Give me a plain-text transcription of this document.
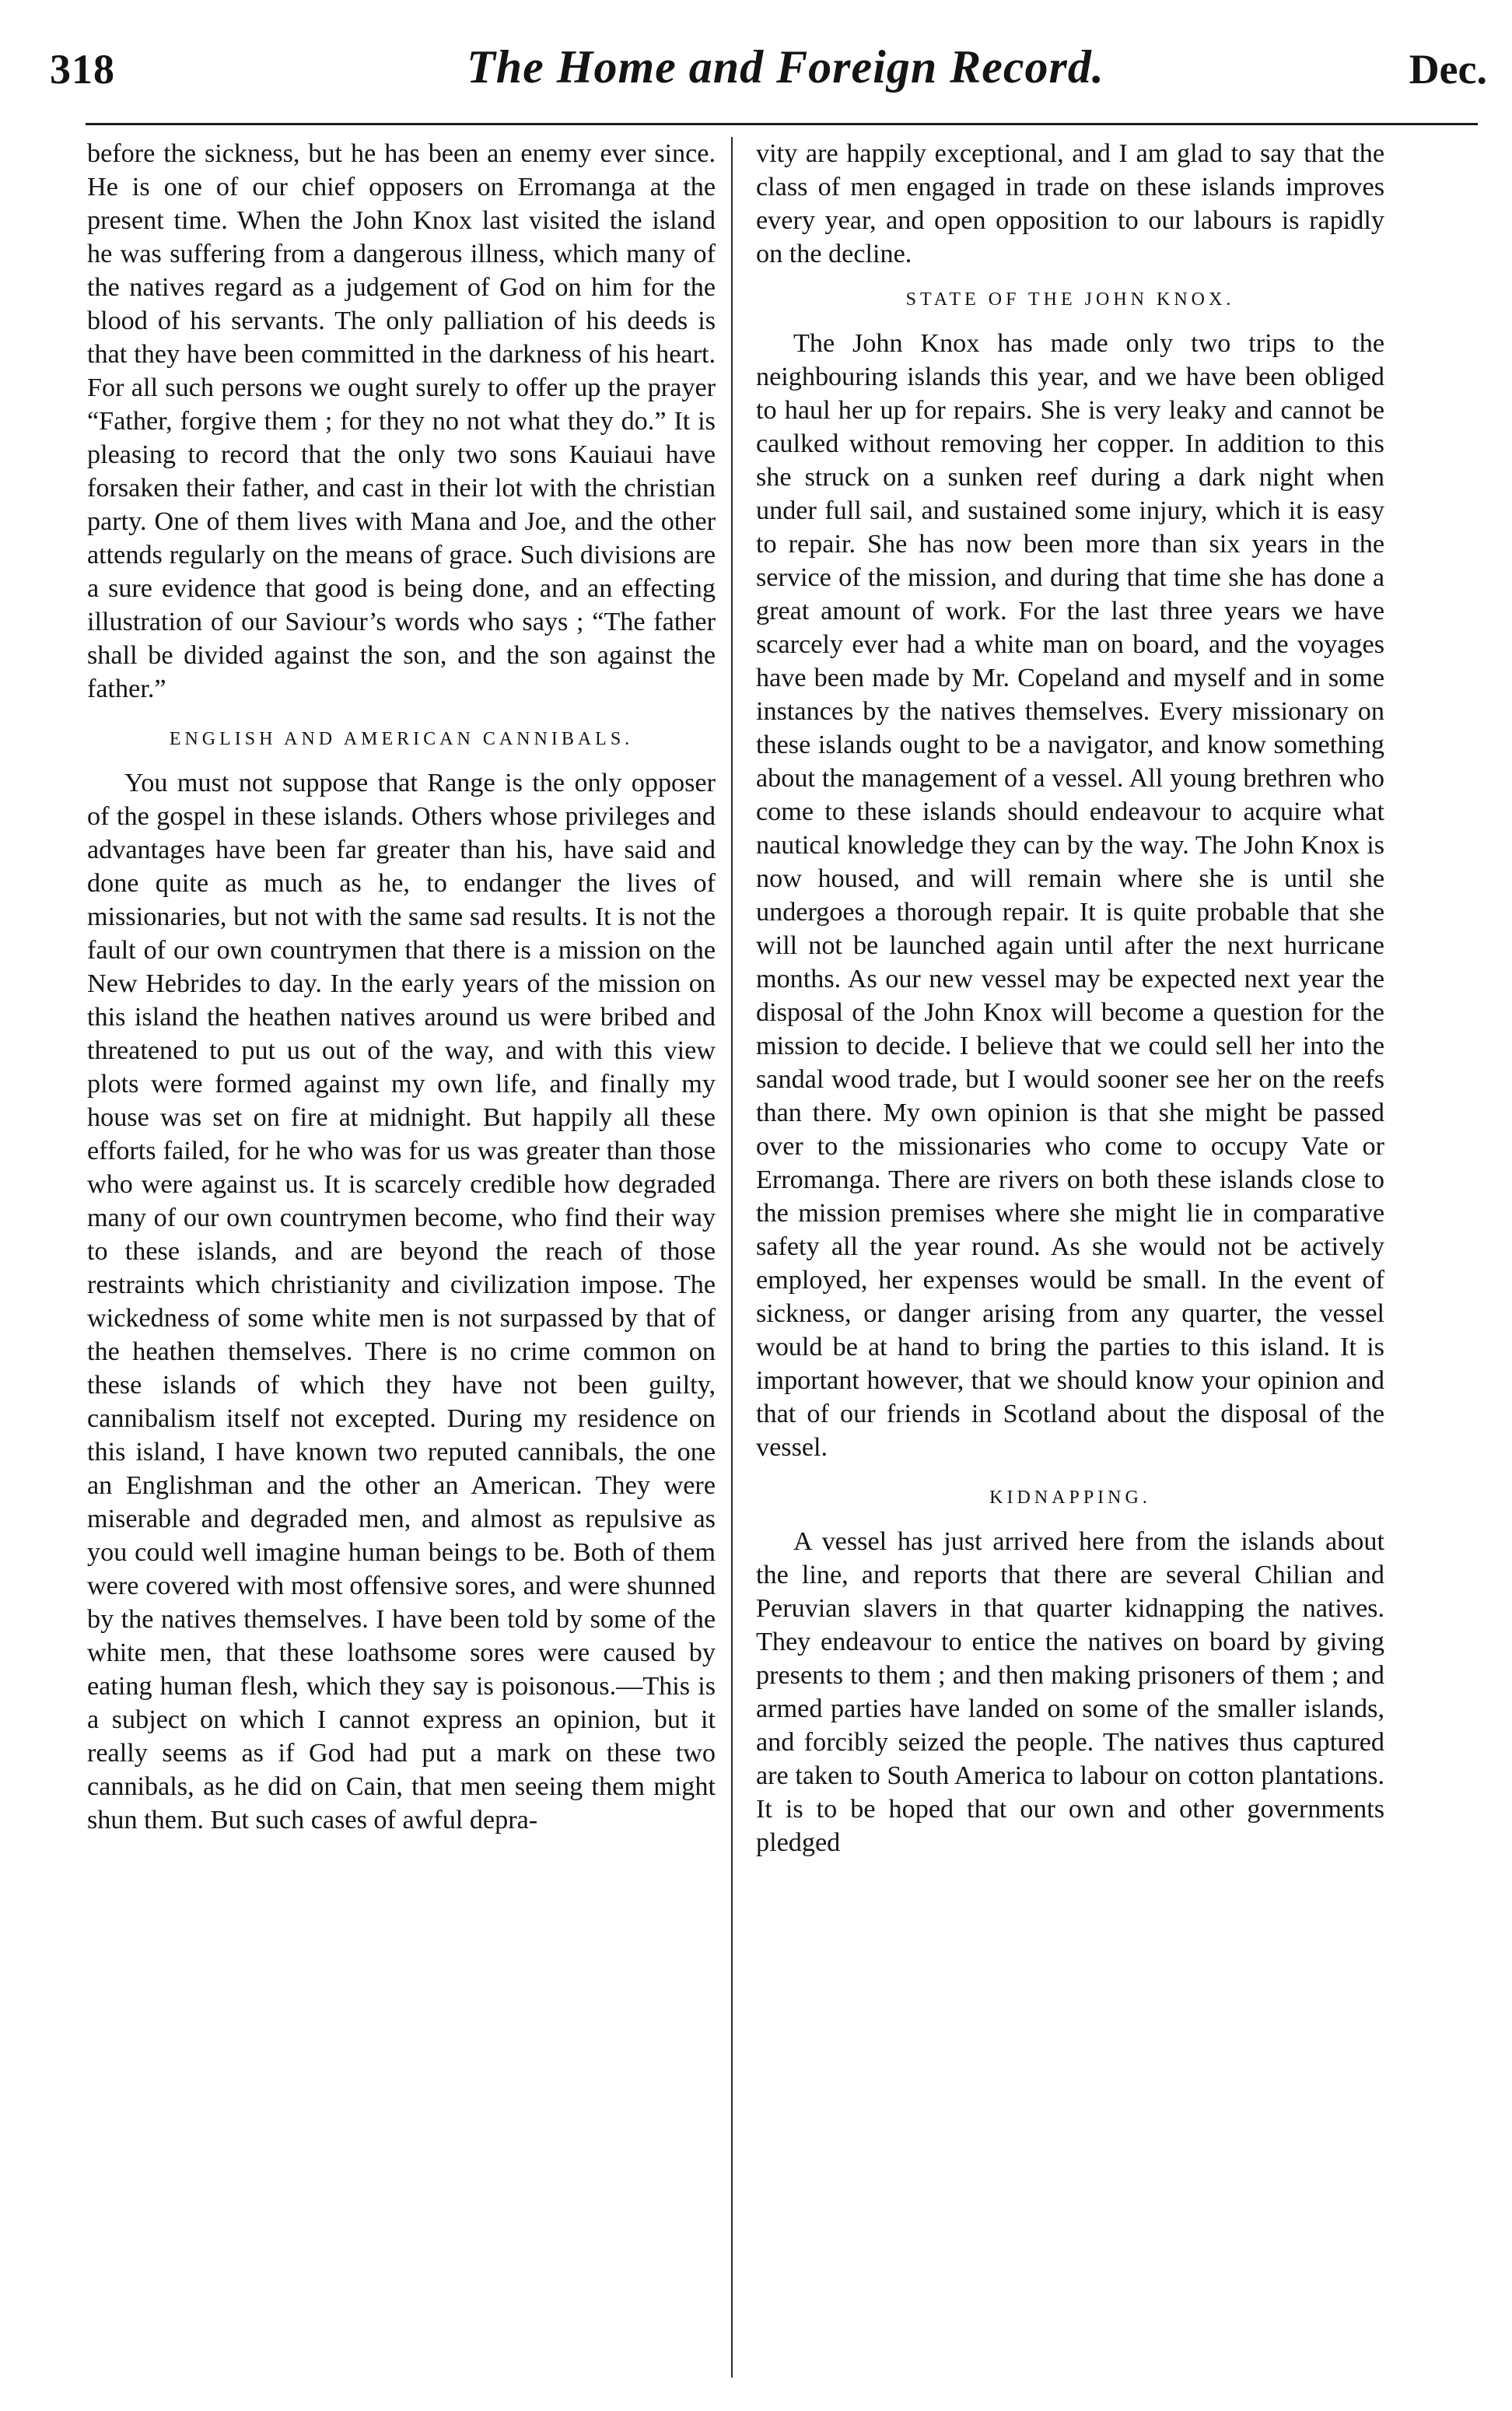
318	The Home and Foreign Record.	Dec.

before the sickness, but he has been an enemy ever since. He is one of our chief opposers on Erromanga at the present time. When the John Knox last visited the island he was suffering from a dangerous illness, which many of the natives regard as a judgement of God on him for the blood of his servants. The only palliation of his deeds is that they have been committed in the darkness of his heart. For all such persons we ought surely to offer up the prayer “Father, forgive them ; for they no not what they do.” It is pleasing to record that the only two sons Kauiaui have forsaken their father, and cast in their lot with the christian party. One of them lives with Mana and Joe, and the other attends regularly on the means of grace. Such divisions are a sure evidence that good is being done, and an effecting illustration of our Saviour’s words who says ; “The father shall be divided against the son, and the son against the father.”

ENGLISH AND AMERICAN CANNIBALS.

You must not suppose that Range is the only opposer of the gospel in these islands. Others whose privileges and advantages have been far greater than his, have said and done quite as much as he, to endanger the lives of missionaries, but not with the same sad results. It is not the fault of our own countrymen that there is a mission on the New Hebrides to day. In the early years of the mission on this island the heathen natives around us were bribed and threatened to put us out of the way, and with this view plots were formed against my own life, and finally my house was set on fire at midnight. But happily all these efforts failed, for he who was for us was greater than those who were against us. It is scarcely credible how degraded many of our own countrymen become, who find their way to these islands, and are beyond the reach of those restraints which christianity and civilization impose. The wickedness of some white men is not surpassed by that of the heathen themselves. There is no crime common on these islands of which they have not been guilty, cannibalism itself not excepted. During my residence on this island, I have known two reputed cannibals, the one an Englishman and the other an American. They were miserable and degraded men, and almost as repulsive as you could well imagine human beings to be. Both of them were covered with most offensive sores, and were shunned by the natives themselves. I have been told by some of the white men, that these loathsome sores were caused by eating human flesh, which they say is poisonous.—This is a subject on which I cannot express an opinion, but it really seems as if God had put a mark on these two cannibals, as he did on Cain, that men seeing them might shun them. But such cases of awful depra-

vity are happily exceptional, and I am glad to say that the class of men engaged in trade on these islands improves every year, and open opposition to our labours is rapidly on the decline.

STATE OF THE JOHN KNOX.

The John Knox has made only two trips to the neighbouring islands this year, and we have been obliged to haul her up for repairs. She is very leaky and cannot be caulked without removing her copper. In addition to this she struck on a sunken reef during a dark night when under full sail, and sustained some injury, which it is easy to repair. She has now been more than six years in the service of the mission, and during that time she has done a great amount of work. For the last three years we have scarcely ever had a white man on board, and the voyages have been made by Mr. Copeland and myself and in some instances by the natives themselves. Every missionary on these islands ought to be a navigator, and know something about the management of a vessel. All young brethren who come to these islands should endeavour to acquire what nautical knowledge they can by the way. The John Knox is now housed, and will remain where she is until she undergoes a thorough repair. It is quite probable that she will not be launched again until after the next hurricane months. As our new vessel may be expected next year the disposal of the John Knox will become a question for the mission to decide. I believe that we could sell her into the sandal wood trade, but I would sooner see her on the reefs than there. My own opinion is that she might be passed over to the missionaries who come to occupy Vate or Erromanga. There are rivers on both these islands close to the mission premises where she might lie in comparative safety all the year round. As she would not be actively employed, her expenses would be small. In the event of sickness, or danger arising from any quarter, the vessel would be at hand to bring the parties to this island. It is important however, that we should know your opinion and that of our friends in Scotland about the disposal of the vessel.

KIDNAPPING.

A vessel has just arrived here from the islands about the line, and reports that there are several Chilian and Peruvian slavers in that quarter kidnapping the natives. They endeavour to entice the natives on board by giving presents to them ; and then making prisoners of them ; and armed parties have landed on some of the smaller islands, and forcibly seized the people. The natives thus captured are taken to South America to labour on cotton plantations. It is to be hoped that our own and other governments pledged
